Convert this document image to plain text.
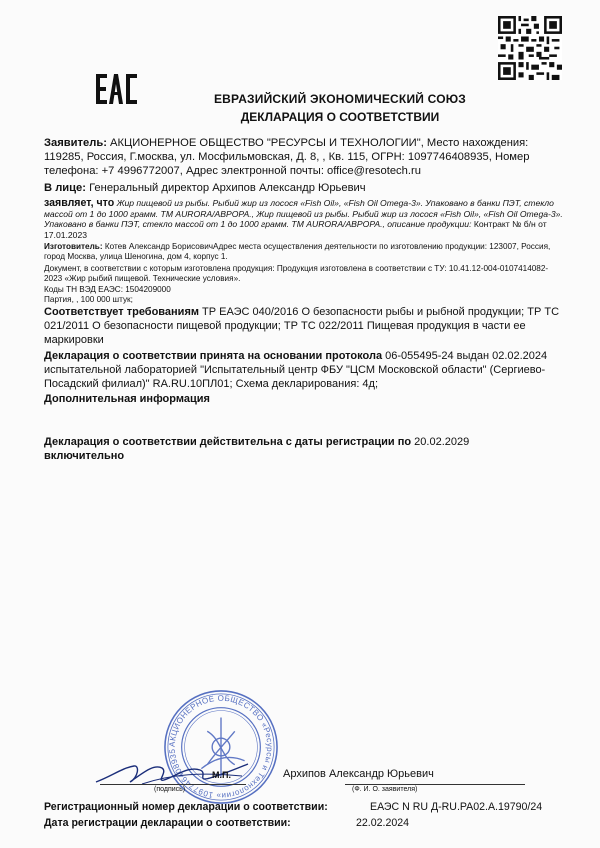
ЕВРАЗИЙСКИЙ ЭКОНОМИЧЕСКИЙ СОЮЗ
ДЕКЛАРАЦИЯ О СООТВЕТСТВИИ
Заявитель: АКЦИОНЕРНОЕ ОБЩЕСТВО "РЕСУРСЫ И ТЕХНОЛОГИИ", Место нахождения: 119285, Россия, Г.москва, ул. Мосфильмовская, Д. 8, , Кв. 115, ОГРН: 1097746408935, Номер телефона: +7 4996772007, Адрес электронной почты: office@resotech.ru
В лице: Генеральный директор Архипов Александр Юрьевич
заявляет, что Жир пищевой из рыбы. Рыбий жир из лосося «Fish Oil», «Fish Oil Omega-3». Упаковано в банки ПЭТ, стекло массой от 1 до 1000 грамм. ТМ AURORA/АВРОРА., Жир пищевой из рыбы. Рыбий жир из лосося «Fish Oil», «Fish Oil Omega-3». Упаковано в банки ПЭТ, стекло массой от 1 до 1000 грамм. ТМ AURORA/АВРОРА., описание продукции: Контракт № б/н от 17.01.2023
Изготовитель: Котев Александр БорисовичАдрес места осуществления деятельности по изготовлению продукции: 123007, Россия, город Москва, улица Шеногина, дом 4, корпус 1.
Документ, в соответствии с которым изготовлена продукция: Продукция изготовлена в соответствии с ТУ: 10.41.12-004-0107414082-2023 «Жир рыбий пищевой. Технические условия».
Коды ТН ВЭД ЕАЭС: 1504209000
Партия, , 100 000 штук;
Соответствует требованиям ТР ЕАЭС 040/2016 О безопасности рыбы и рыбной продукции; ТР ТС 021/2011 О безопасности пищевой продукции; ТР ТС 022/2011 Пищевая продукция в части ее маркировки
Декларация о соответствии принята на основании протокола 06-055495-24 выдан 02.02.2024 испытательной лабораторией "Испытательный центр ФБУ "ЦСМ Московской области" (Сергиево-Посадский филиал)" RA.RU.10ПЛ01; Схема декларирования: 4д;
Дополнительная информация
Декларация о соответствии действительна с даты регистрации по 20.02.2029
включительно
АКЦИОНЕРНОЕ ОБЩЕСТВО «Ресурсы и Технологии» 1097746408935
М.П.	Архипов Александр Юрьевич
(подпись)	(Ф. И. О. заявителя)
Регистрационный номер декларации о соответствии:	ЕАЭС N RU Д-RU.PA02.A.19790/24
Дата регистрации декларации о соответствии:	22.02.2024
